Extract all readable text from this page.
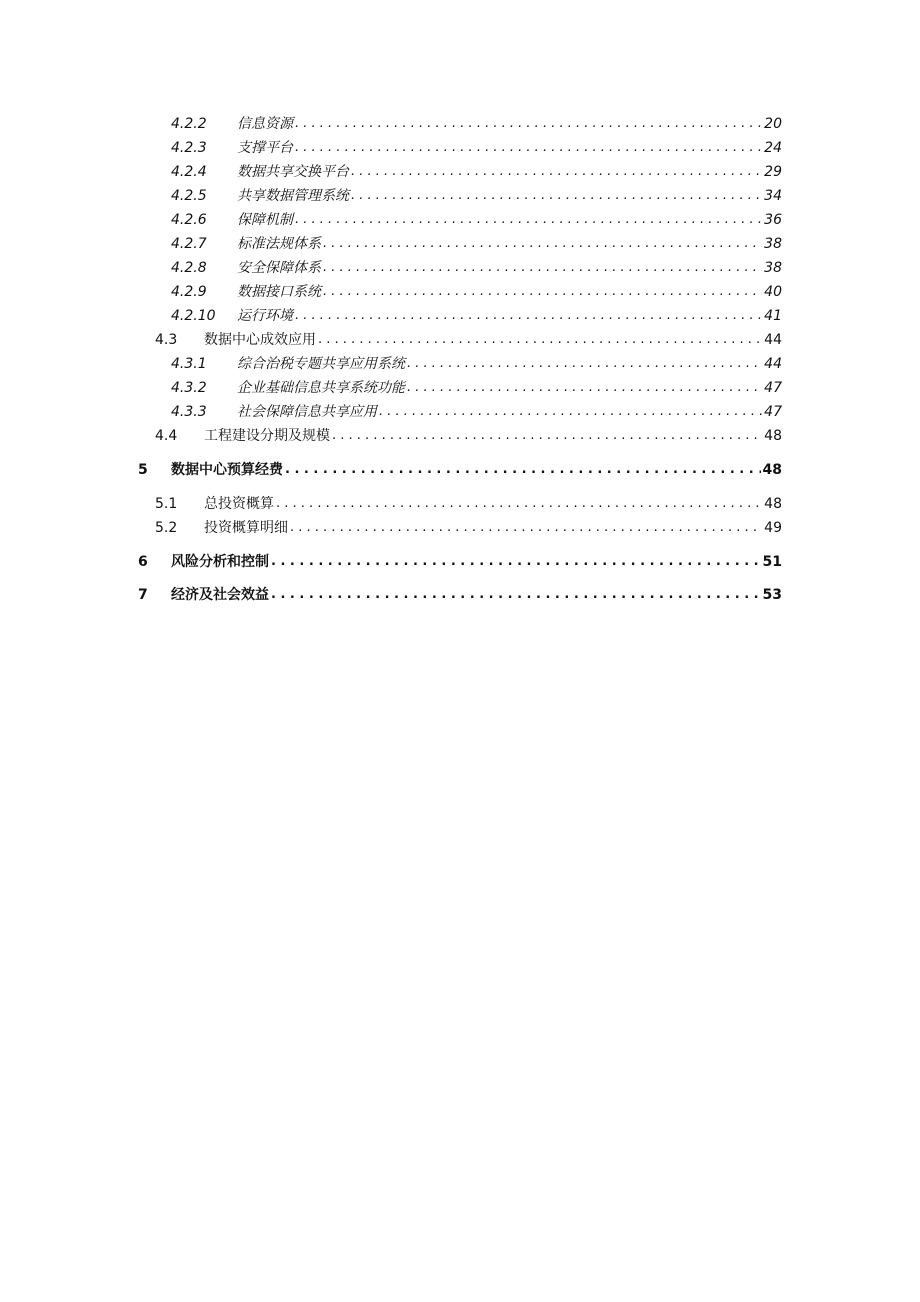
4.2.2	信息资源 . . .	20
4.2.3	支撑平台 . . .	24
4.2.4	数据共享交换平台 . . .	29
4.2.5	共享数据管理系统 . . .	34
4.2.6	保障机制 . . .	36
4.2.7	标准法规体系 . . .	38
4.2.8	安全保障体系 . . .	38
4.2.9	数据接口系统 . . .	40
4.2.10	运行环境 . . .	41
4.3	数据中心成效应用 . . .	44
4.3.1	综合治税专题共享应用系统 . . .	44
4.3.2	企业基础信息共享系统功能 . . .	47
4.3.3	社会保障信息共享应用 . . .	47
4.4	工程建设分期及规模 . . .	48
5	数据中心预算经费 . . .	48
5.1	总投资概算 . . .	48
5.2	投资概算明细 . . .	49
6	风险分析和控制 . . .	51
7	经济及社会效益 . . .	53
